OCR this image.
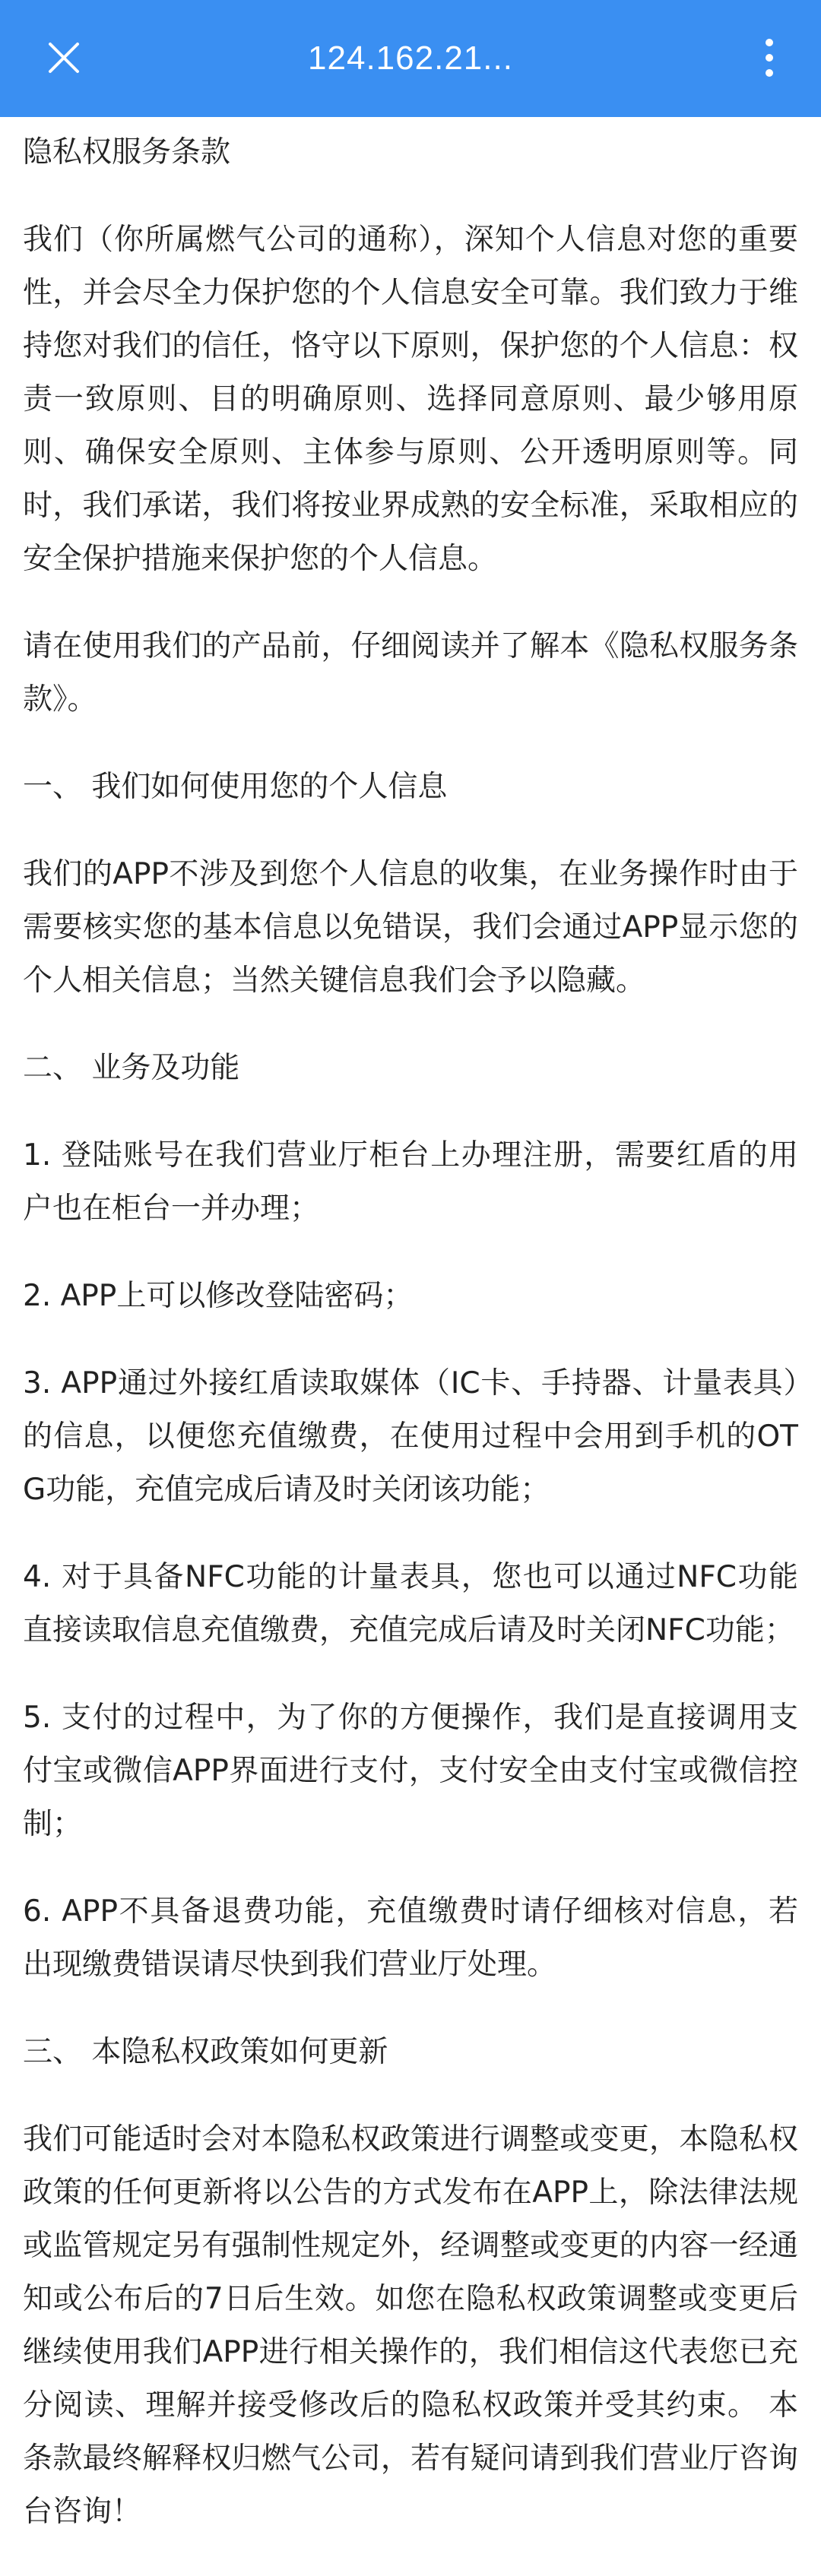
124.162.21...

隐私权服务条款

我们（你所属燃气公司的通称），深知个人信息对您的重要性，并会尽全力保护您的个人信息安全可靠。我们致力于维持您对我们的信任，恪守以下原则，保护您的个人信息：权责一致原则、目的明确原则、选择同意原则、最少够用原则、确保安全原则、主体参与原则、公开透明原则等。同时，我们承诺，我们将按业界成熟的安全标准，采取相应的安全保护措施来保护您的个人信息。

请在使用我们的产品前，仔细阅读并了解本《隐私权服务条款》。

一、 我们如何使用您的个人信息

我们的APP不涉及到您个人信息的收集，在业务操作时由于需要核实您的基本信息以免错误，我们会通过APP显示您的个人相关信息；当然关键信息我们会予以隐藏。

二、 业务及功能

1. 登陆账号在我们营业厅柜台上办理注册，需要红盾的用户也在柜台一并办理；

2. APP上可以修改登陆密码；

3. APP通过外接红盾读取媒体（IC卡、手持器、计量表具）的信息，以便您充值缴费，在使用过程中会用到手机的OTG功能，充值完成后请及时关闭该功能；

4. 对于具备NFC功能的计量表具，您也可以通过NFC功能直接读取信息充值缴费，充值完成后请及时关闭NFC功能；

5. 支付的过程中，为了你的方便操作，我们是直接调用支付宝或微信APP界面进行支付，支付安全由支付宝或微信控制；

6. APP不具备退费功能，充值缴费时请仔细核对信息，若出现缴费错误请尽快到我们营业厅处理。

三、 本隐私权政策如何更新

我们可能适时会对本隐私权政策进行调整或变更，本隐私权政策的任何更新将以公告的方式发布在APP上，除法律法规或监管规定另有强制性规定外，经调整或变更的内容一经通知或公布后的7日后生效。如您在隐私权政策调整或变更后继续使用我们APP进行相关操作的，我们相信这代表您已充分阅读、理解并接受修改后的隐私权政策并受其约束。 本条款最终解释权归燃气公司，若有疑问请到我们营业厅咨询台咨询！
